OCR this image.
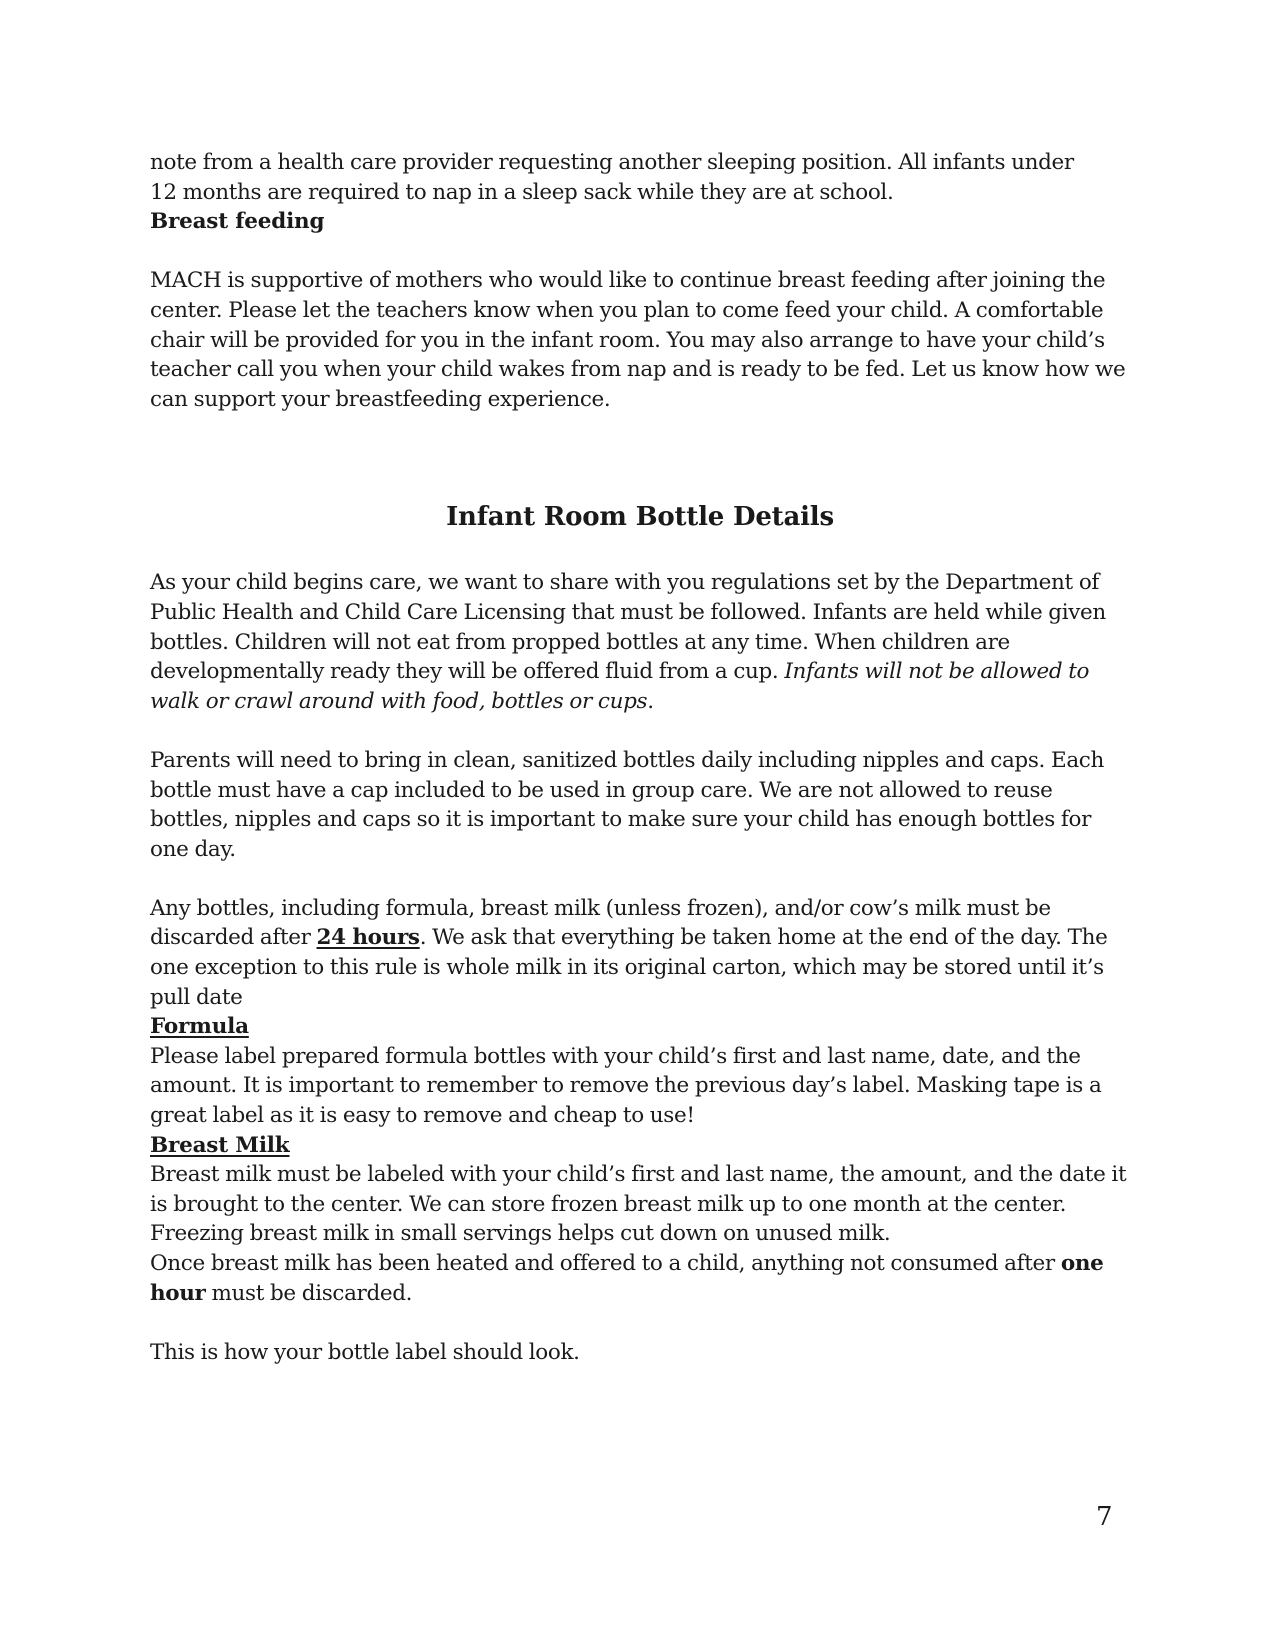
note from a health care provider requesting another sleeping position. All infants under
12 months are required to nap in a sleep sack while they are at school.

Breast feeding

MACH is supportive of mothers who would like to continue breast feeding after joining the center. Please let the teachers know when you plan to come feed your child. A comfortable chair will be provided for you in the infant room. You may also arrange to have your child’s teacher call you when your child wakes from nap and is ready to be fed. Let us know how we can support your breastfeeding experience.

Infant Room Bottle Details

As your child begins care, we want to share with you regulations set by the Department of Public Health and Child Care Licensing that must be followed. Infants are held while given bottles. Children will not eat from propped bottles at any time. When children are developmentally ready they will be offered fluid from a cup. Infants will not be allowed to walk or crawl around with food, bottles or cups.

Parents will need to bring in clean, sanitized bottles daily including nipples and caps. Each bottle must have a cap included to be used in group care. We are not allowed to reuse bottles, nipples and caps so it is important to make sure your child has enough bottles for one day.

Any bottles, including formula, breast milk (unless frozen), and/or cow’s milk must be discarded after 24 hours. We ask that everything be taken home at the end of the day. The one exception to this rule is whole milk in its original carton, which may be stored until it’s pull date

Formula

Please label prepared formula bottles with your child’s first and last name, date, and the amount. It is important to remember to remove the previous day’s label. Masking tape is a great label as it is easy to remove and cheap to use!

Breast Milk

Breast milk must be labeled with your child’s first and last name, the amount, and the date it is brought to the center. We can store frozen breast milk up to one month at the center. Freezing breast milk in small servings helps cut down on unused milk.
Once breast milk has been heated and offered to a child, anything not consumed after one hour must be discarded.

This is how your bottle label should look.

7
